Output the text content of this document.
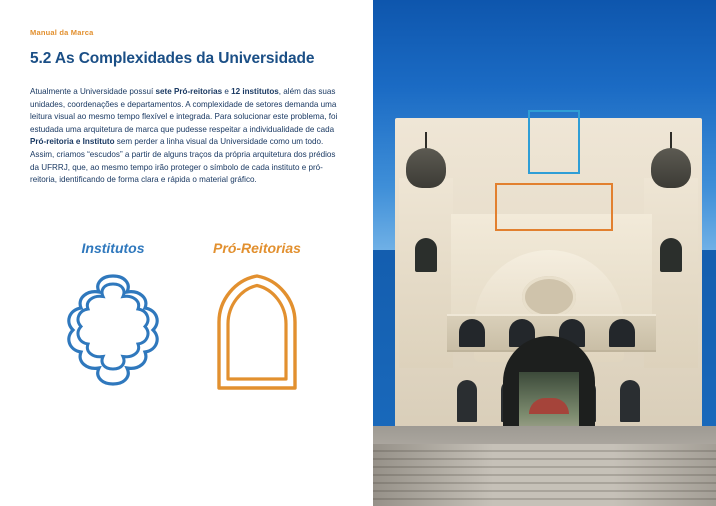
Manual da Marca
5.2 As Complexidades da Universidade

Atualmente a Universidade possuí sete Pró-reitorias e 12 institutos, além das suas unidades, coordenações e departamentos. A complexidade de setores demanda uma leitura visual ao mesmo tempo flexível e integrada. Para solucionar este problema, foi estudada uma arquitetura de marca que pudesse respeitar a individualidade de cada Pró-reitoria e Instituto sem perder a linha visual da Universidade como um todo. Assim, criamos “escudos” a partir de alguns traços da própria arquitetura dos prédios da UFRRJ, que, ao mesmo tempo irão proteger o símbolo de cada instituto e pró-reitoria, identificando de forma clara e rápida o material gráfico.

Institutos	Pró-Reitorias
